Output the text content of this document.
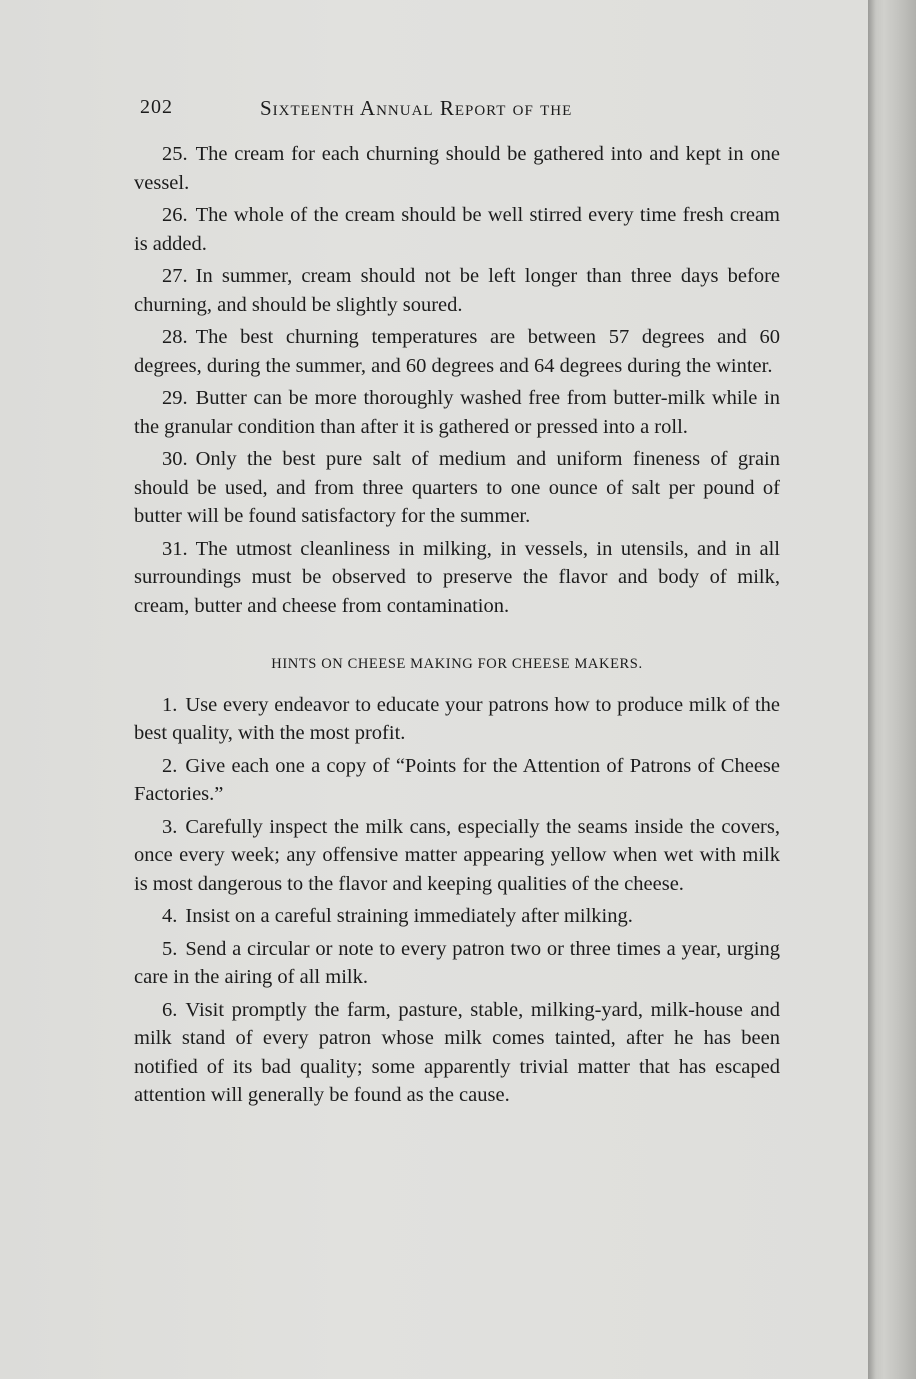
202	Sixteenth Annual Report of the

25. The cream for each churning should be gathered into and kept in one vessel.

26. The whole of the cream should be well stirred every time fresh cream is added.

27. In summer, cream should not be left longer than three days before churning, and should be slightly soured.

28. The best churning temperatures are between 57 degrees and 60 degrees, during the summer, and 60 degrees and 64 degrees during the winter.

29. Butter can be more thoroughly washed free from butter-milk while in the granular condition than after it is gathered or pressed into a roll.

30. Only the best pure salt of medium and uniform fineness of grain should be used, and from three quarters to one ounce of salt per pound of butter will be found satisfactory for the summer.

31. The utmost cleanliness in milking, in vessels, in utensils, and in all surroundings must be observed to preserve the flavor and body of milk, cream, butter and cheese from contamination.

HINTS ON CHEESE MAKING FOR CHEESE MAKERS.

1. Use every endeavor to educate your patrons how to produce milk of the best quality, with the most profit.

2. Give each one a copy of “Points for the Attention of Patrons of Cheese Factories.”

3. Carefully inspect the milk cans, especially the seams inside the covers, once every week; any offensive matter appearing yellow when wet with milk is most dangerous to the flavor and keeping qualities of the cheese.

4. Insist on a careful straining immediately after milking.

5. Send a circular or note to every patron two or three times a year, urging care in the airing of all milk.

6. Visit promptly the farm, pasture, stable, milking-yard, milk-house and milk stand of every patron whose milk comes tainted, after he has been notified of its bad quality; some apparently trivial matter that has escaped attention will generally be found as the cause.
